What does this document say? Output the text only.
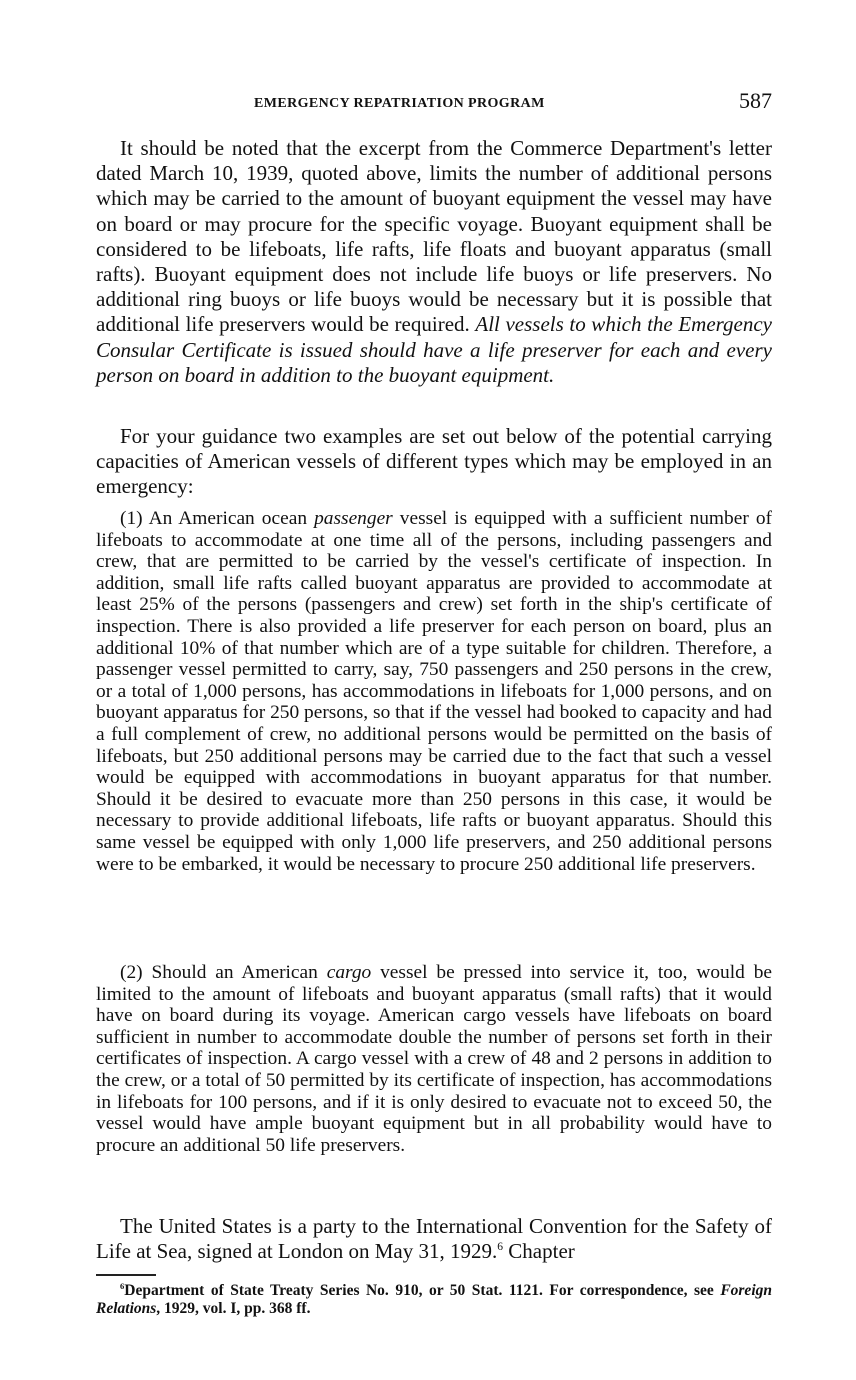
EMERGENCY REPATRIATION PROGRAM	587

It should be noted that the excerpt from the Commerce Department's letter dated March 10, 1939, quoted above, limits the number of additional persons which may be carried to the amount of buoyant equipment the vessel may have on board or may procure for the specific voyage. Buoyant equipment shall be considered to be lifeboats, life rafts, life floats and buoyant apparatus (small rafts). Buoyant equipment does not include life buoys or life preservers. No additional ring buoys or life buoys would be necessary but it is possible that additional life preservers would be required. All vessels to which the Emergency Consular Certificate is issued should have a life preserver for each and every person on board in addition to the buoyant equipment.

For your guidance two examples are set out below of the potential carrying capacities of American vessels of different types which may be employed in an emergency:

(1) An American ocean passenger vessel is equipped with a sufficient number of lifeboats to accommodate at one time all of the persons, including passengers and crew, that are permitted to be carried by the vessel's certificate of inspection. In addition, small life rafts called buoyant apparatus are provided to accommodate at least 25% of the persons (passengers and crew) set forth in the ship's certificate of inspection. There is also provided a life preserver for each person on board, plus an additional 10% of that number which are of a type suitable for children. Therefore, a passenger vessel permitted to carry, say, 750 passengers and 250 persons in the crew, or a total of 1,000 persons, has accommodations in lifeboats for 1,000 persons, and on buoyant apparatus for 250 persons, so that if the vessel had booked to capacity and had a full complement of crew, no additional persons would be permitted on the basis of lifeboats, but 250 additional persons may be carried due to the fact that such a vessel would be equipped with accommodations in buoyant apparatus for that number. Should it be desired to evacuate more than 250 persons in this case, it would be necessary to provide additional lifeboats, life rafts or buoyant apparatus. Should this same vessel be equipped with only 1,000 life preservers, and 250 additional persons were to be embarked, it would be necessary to procure 250 additional life preservers.

(2) Should an American cargo vessel be pressed into service it, too, would be limited to the amount of lifeboats and buoyant apparatus (small rafts) that it would have on board during its voyage. American cargo vessels have lifeboats on board sufficient in number to accommodate double the number of persons set forth in their certificates of inspection. A cargo vessel with a crew of 48 and 2 persons in addition to the crew, or a total of 50 permitted by its certificate of inspection, has accommodations in lifeboats for 100 persons, and if it is only desired to evacuate not to exceed 50, the vessel would have ample buoyant equipment but in all probability would have to procure an additional 50 life preservers.

The United States is a party to the International Convention for the Safety of Life at Sea, signed at London on May 31, 1929.$^6$ Chapter

$^6$Department of State Treaty Series No. 910, or 50 Stat. 1121. For correspondence, see Foreign Relations, 1929, vol. I, pp. 368 ff.
